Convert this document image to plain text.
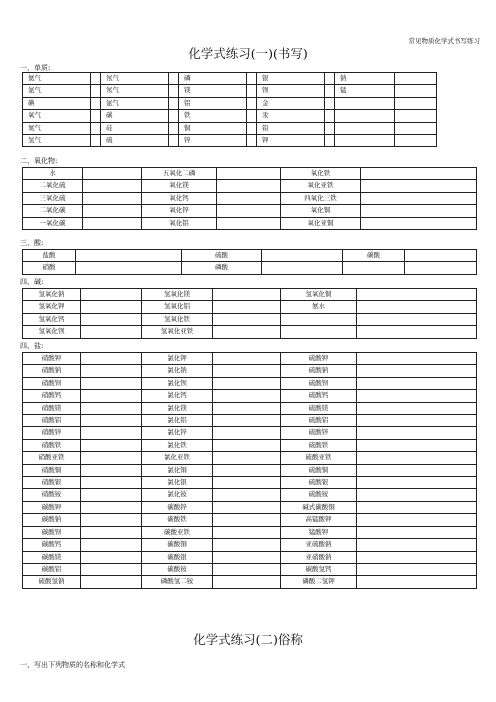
常见物质化学式书写练习
化学式练习(一)(书写)
一、单质:
氦气		氖气		磷		银		钠	
氩气		氖气		镁		钡		锰	
碘		氩气		铝		金			
氧气		碳		铁		汞			
氮气		硅		铜		铅			
氢气		硫		锌		钾			
二、氧化物:
水		五氧化二磷		氧化铁	
二氧化硫		氧化镁		氧化亚铁	
三氧化硫		氧化钙		四氧化三铁	
二氧化碳		氧化锌		氧化铜	
一氧化碳		氧化铝		氧化亚铜	
三、酸:
盐酸		硫酸		碳酸	
硝酸		磷酸			
四、碱:
氢氧化钠		氢氧化镁		氢氧化铜	
氢氧化钾		氢氧化铝		氨水	
氢氧化钙		氢氧化铁			
氢氧化钡		氢氧化亚铁			
四、盐:
硝酸钾		氯化钾		硫酸钾	
硝酸钠		氯化钠		硫酸钠	
硝酸钡		氯化钡		硫酸钡	
硝酸钙		氯化钙		硫酸钙	
硝酸镁		氯化镁		硫酸镁	
硝酸铝		氯化铝		硫酸铝	
硝酸锌		氯化锌		硫酸锌	
硝酸铁		氯化铁		硫酸铁	
硝酸亚铁		氯化亚铁		硫酸亚铁	
硝酸铜		氯化铜		硫酸铜	
硝酸银		氯化银		硫酸银	
硝酸铵		氯化铵		硫酸铵	
碳酸钾		碳酸锌		碱式碳酸铜	
碳酸钠		碳酸铁		高锰酸钾	
碳酸钡		碳酸亚铁		锰酸钾	
碳酸钙		碳酸铜		亚硫酸钠	
碳酸镁		碳酸银		亚硝酸钠	
碳酸铝		碳酸铵		碳酸氢钙	
硫酸氢钠		磷酸氢二铵		磷酸二氢钾	
化学式练习(二)俗称
一、写出下列物质的名称和化学式
